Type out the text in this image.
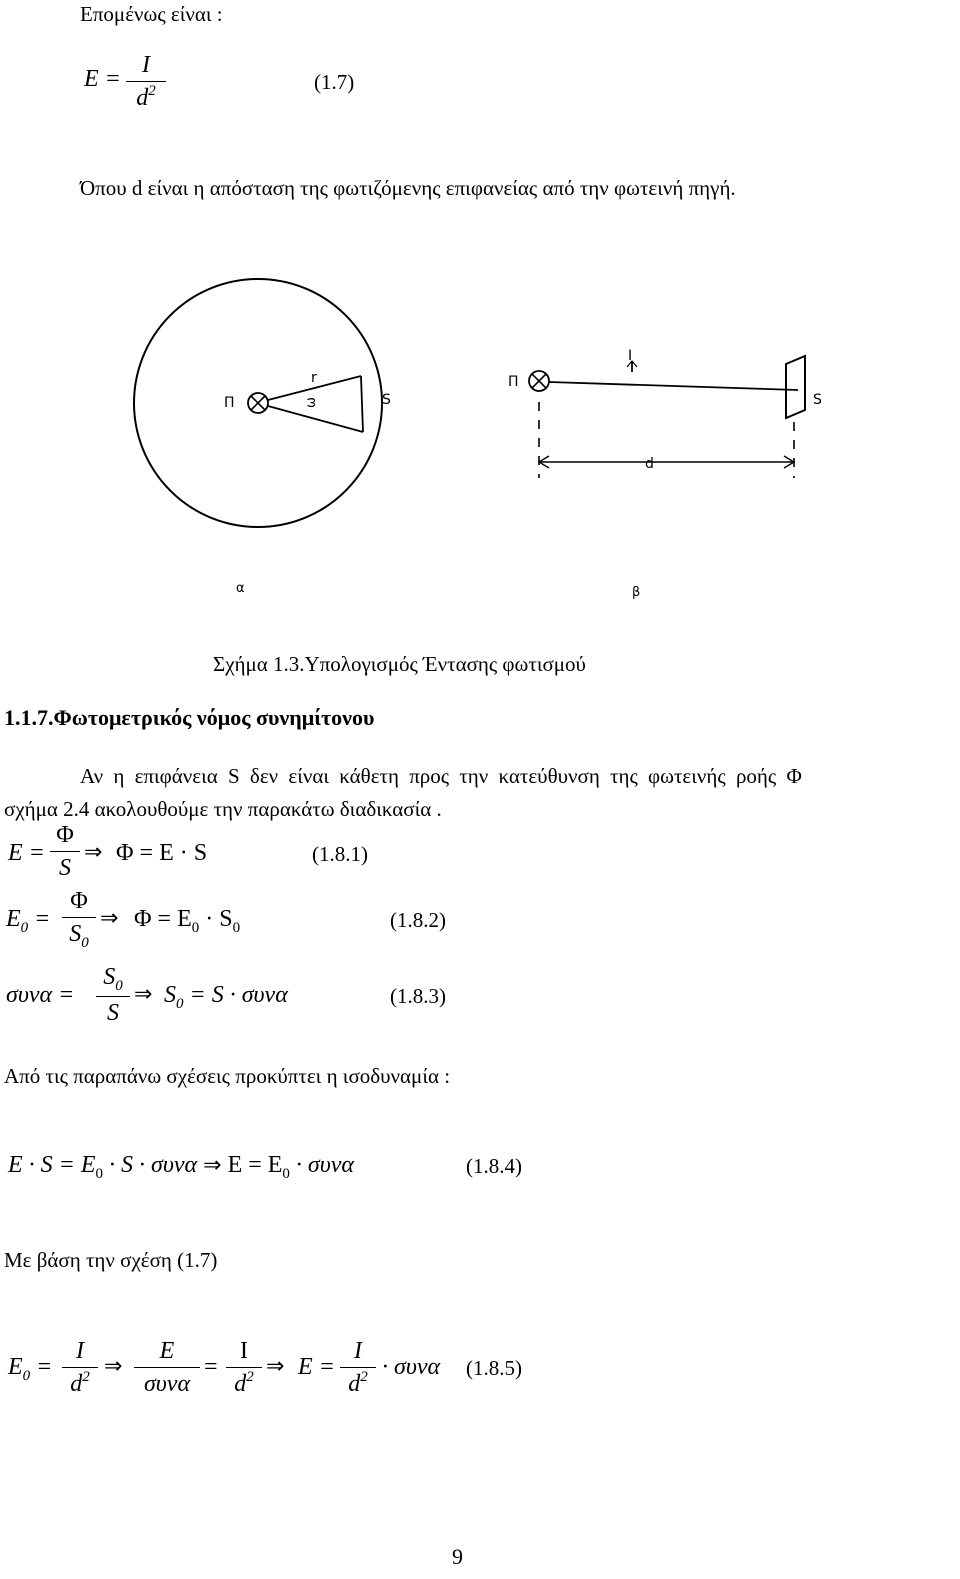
Επομένως είναι :
E =
I
$d^2$	(1.7)
Όπου d είναι η απόσταση της φωτιζόμενης επιφανείας από την φωτεινή πηγή.
Π
r
ω	S
α
Π
I
S
d
β
Σχήμα 1.3.Υπολογισμός Έντασης φωτισμού
1.1.7.Φωτομετρικός νόμος συνημίτονου
Αν η επιφάνεια S δεν είναι κάθετη προς την κατεύθυνση της φωτεινής ροής Φ
σχήμα 2.4 ακολουθούμε την παρακάτω διαδικασία .
E =
Φ
S
⇒ Φ = Ε · S	(1.8.1)
$E_0$ =
Φ
$S_0$
⇒ $\Phi = E_0 \cdot S_0$	(1.8.2)
συνα =
$S_0$
S
⇒ $S_0 = S \cdot \sigma\upsilon\nu\alpha$	(1.8.3)
Από τις παραπάνω σχέσεις προκύπτει η ισοδυναμία :
$E \cdot S = E_0 \cdot S \cdot \sigma\upsilon\nu\alpha$ ⇒ $E = E_0 \cdot \sigma\upsilon\nu\alpha$	(1.8.4)
Με βάση την σχέση (1.7)
$E_0$ =
I
$d^2$ ⇒
E
συνα
=
I
$d^2$ ⇒ E =
I
$d^2 \cdot \sigma\upsilon\nu\alpha$ (1.8.5)
9
